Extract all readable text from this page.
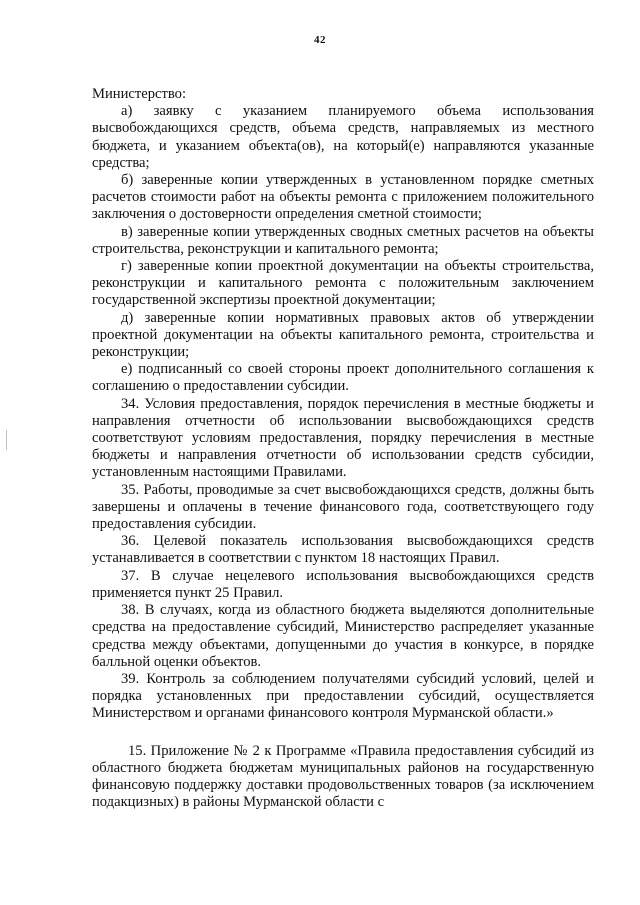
42

Министерство:

а) заявку с указанием планируемого объема использования высвобождающихся средств, объема средств, направляемых из местного бюджета, и указанием объекта(ов), на который(е) направляются указанные средства;

б) заверенные копии утвержденных в установленном порядке сметных расчетов стоимости работ на объекты ремонта с приложением положительного заключения о достоверности определения сметной стоимости;

в) заверенные копии утвержденных сводных сметных расчетов на объекты строительства, реконструкции и капитального ремонта;

г) заверенные копии проектной документации на объекты строительства, реконструкции и капитального ремонта с положительным заключением государственной экспертизы проектной документации;

д) заверенные копии нормативных правовых актов об утверждении проектной документации на объекты капитального ремонта, строительства и реконструкции;

е) подписанный со своей стороны проект дополнительного соглашения к соглашению о предоставлении субсидии.

34. Условия предоставления, порядок перечисления в местные бюджеты и направления отчетности об использовании высвобождающихся средств соответствуют условиям предоставления, порядку перечисления в местные бюджеты и направления отчетности об использовании средств субсидии, установленным настоящими Правилами.

35. Работы, проводимые за счет высвобождающихся средств, должны быть завершены и оплачены в течение финансового года, соответствующего году предоставления субсидии.

36. Целевой показатель использования высвобождающихся средств устанавливается в соответствии с пунктом 18 настоящих Правил.

37. В случае нецелевого использования высвобождающихся средств применяется пункт 25 Правил.

38. В случаях, когда из областного бюджета выделяются дополнительные средства на предоставление субсидий, Министерство распределяет указанные средства между объектами, допущенными до участия в конкурсе, в порядке балльной оценки объектов.

39. Контроль за соблюдением получателями субсидий условий, целей и порядка установленных при предоставлении субсидий, осуществляется Министерством и органами финансового контроля Мурманской области.»

15. Приложение № 2 к Программе «Правила предоставления субсидий из областного бюджета бюджетам муниципальных районов на государственную финансовую поддержку доставки продовольственных товаров (за исключением подакцизных) в районы Мурманской области с
